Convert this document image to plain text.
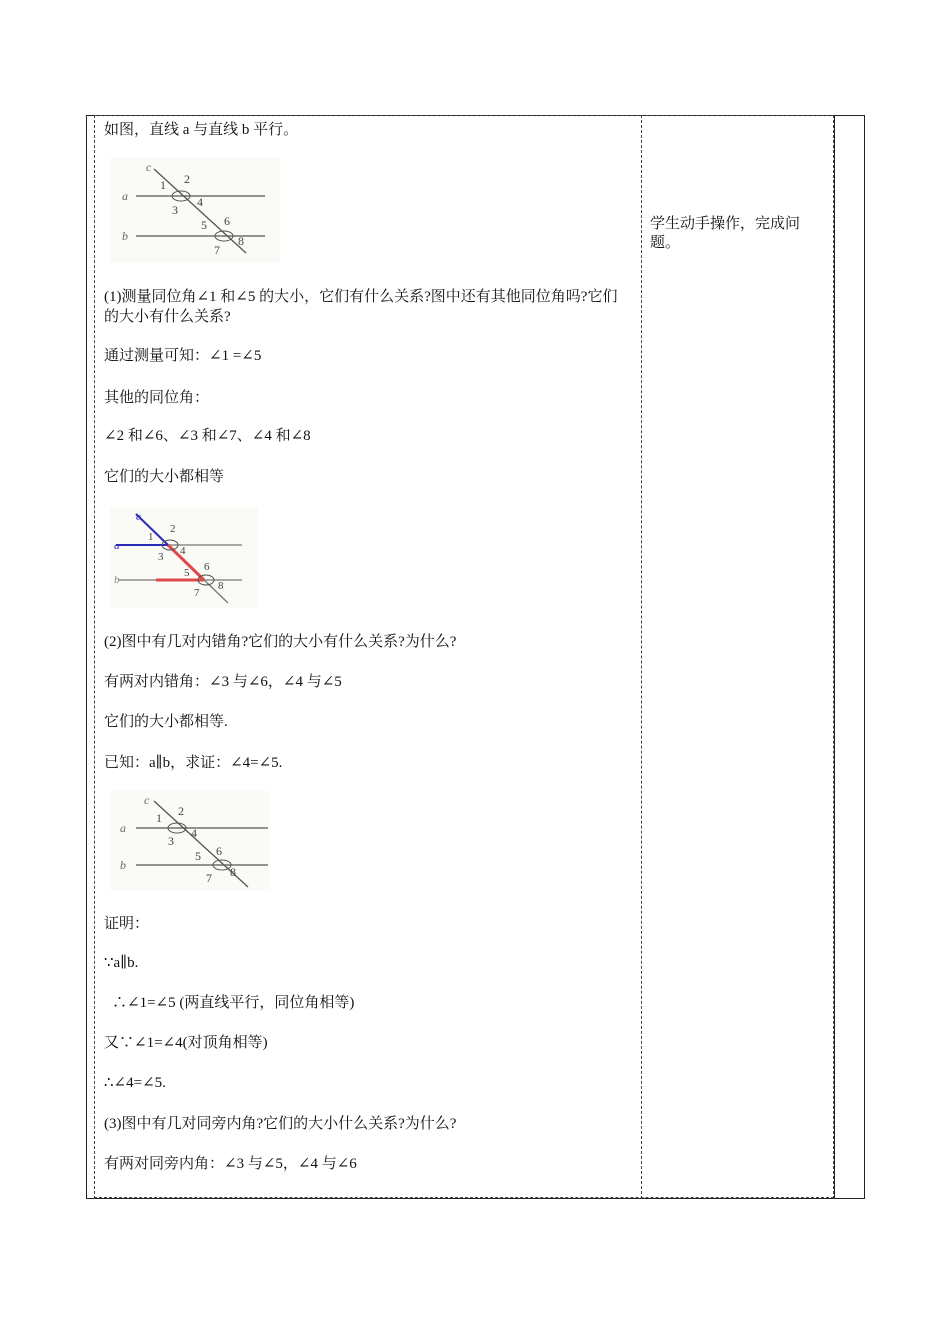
如图，直线 a 与直线 b 平行。
a
b
c
1 2
3
4
5 6
7
8
(1)测量同位角∠1 和∠5 的大小，它们有什么关系?图中还有其他同位角吗?它们的大小有什么关系?
通过测量可知：∠1 =∠5
其他的同位角：
∠2 和∠6、∠3 和∠7、∠4 和∠8
它们的大小都相等
a
b
c
1
2
3 4
5 6
7
8
(2)图中有几对内错角?它们的大小有什么关系?为什么?
有两对内错角：∠3 与∠6，∠4 与∠5
它们的大小都相等.
已知：a∥b，求证：∠4=∠5.
a
b
c
1 2
3
4
5 6
7 8
证明：
∵a∥b.
∴∠1=∠5 (两直线平行，同位角相等)
又∵∠1=∠4(对顶角相等)
∴∠4=∠5.
(3)图中有几对同旁内角?它们的大小什么关系?为什么?
有两对同旁内角：∠3 与∠5，∠4 与∠6
学生动手操作，完成问题。
